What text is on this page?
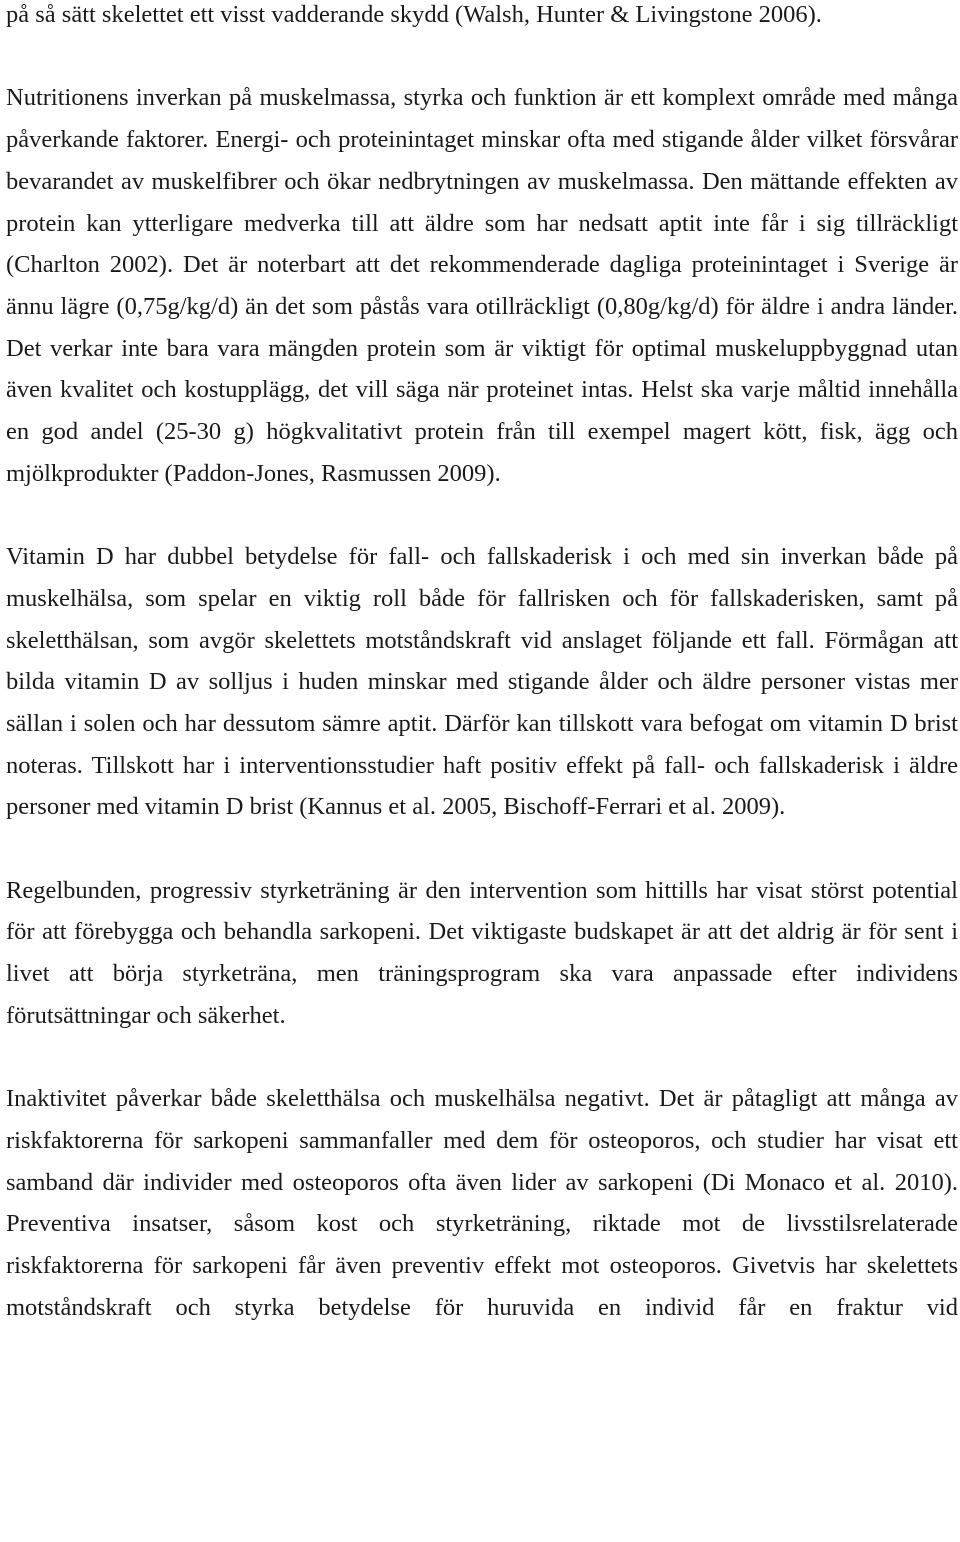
på så sätt skelettet ett visst vadderande skydd (Walsh, Hunter & Livingstone 2006).

Nutritionens inverkan på muskelmassa, styrka och funktion är ett komplext område med många påverkande faktorer. Energi- och proteinintaget minskar ofta med stigande ålder vilket försvårar bevarandet av muskelfibrer och ökar nedbrytningen av muskelmassa. Den mättande effekten av protein kan ytterligare medverka till att äldre som har nedsatt aptit inte får i sig tillräckligt (Charlton 2002). Det är noterbart att det rekommenderade dagliga proteinintaget i Sverige är ännu lägre (0,75g/kg/d) än det som påstås vara otillräckligt (0,80g/kg/d) för äldre i andra länder. Det verkar inte bara vara mängden protein som är viktigt för optimal muskeluppbyggnad utan även kvalitet och kostupplägg, det vill säga när proteinet intas. Helst ska varje måltid innehålla en god andel (25-30 g) högkvalitativt protein från till exempel magert kött, fisk, ägg och mjölkprodukter (Paddon-Jones, Rasmussen 2009).

Vitamin D har dubbel betydelse för fall- och fallskaderisk i och med sin inverkan både på muskelhälsa, som spelar en viktig roll både för fallrisken och för fallskaderisken, samt på skeletthälsan, som avgör skelettets motståndskraft vid anslaget följande ett fall. Förmågan att bilda vitamin D av solljus i huden minskar med stigande ålder och äldre personer vistas mer sällan i solen och har dessutom sämre aptit. Därför kan tillskott vara befogat om vitamin D brist noteras. Tillskott har i interventionsstudier haft positiv effekt på fall- och fallskaderisk i äldre personer med vitamin D brist (Kannus et al. 2005, Bischoff-Ferrari et al. 2009).

Regelbunden, progressiv styrketräning är den intervention som hittills har visat störst potential för att förebygga och behandla sarkopeni. Det viktigaste budskapet är att det aldrig är för sent i livet att börja styrketräna, men träningsprogram ska vara anpassade efter individens förutsättningar och säkerhet.

Inaktivitet påverkar både skeletthälsa och muskelhälsa negativt. Det är påtagligt att många av riskfaktorerna för sarkopeni sammanfaller med dem för osteoporos, och studier har visat ett samband där individer med osteoporos ofta även lider av sarkopeni (Di Monaco et al. 2010). Preventiva insatser, såsom kost och styrketräning, riktade mot de livsstilsrelaterade riskfaktorerna för sarkopeni får även preventiv effekt mot osteoporos. Givetvis har skelettets motståndskraft och styrka betydelse för huruvida en individ får en fraktur vid
